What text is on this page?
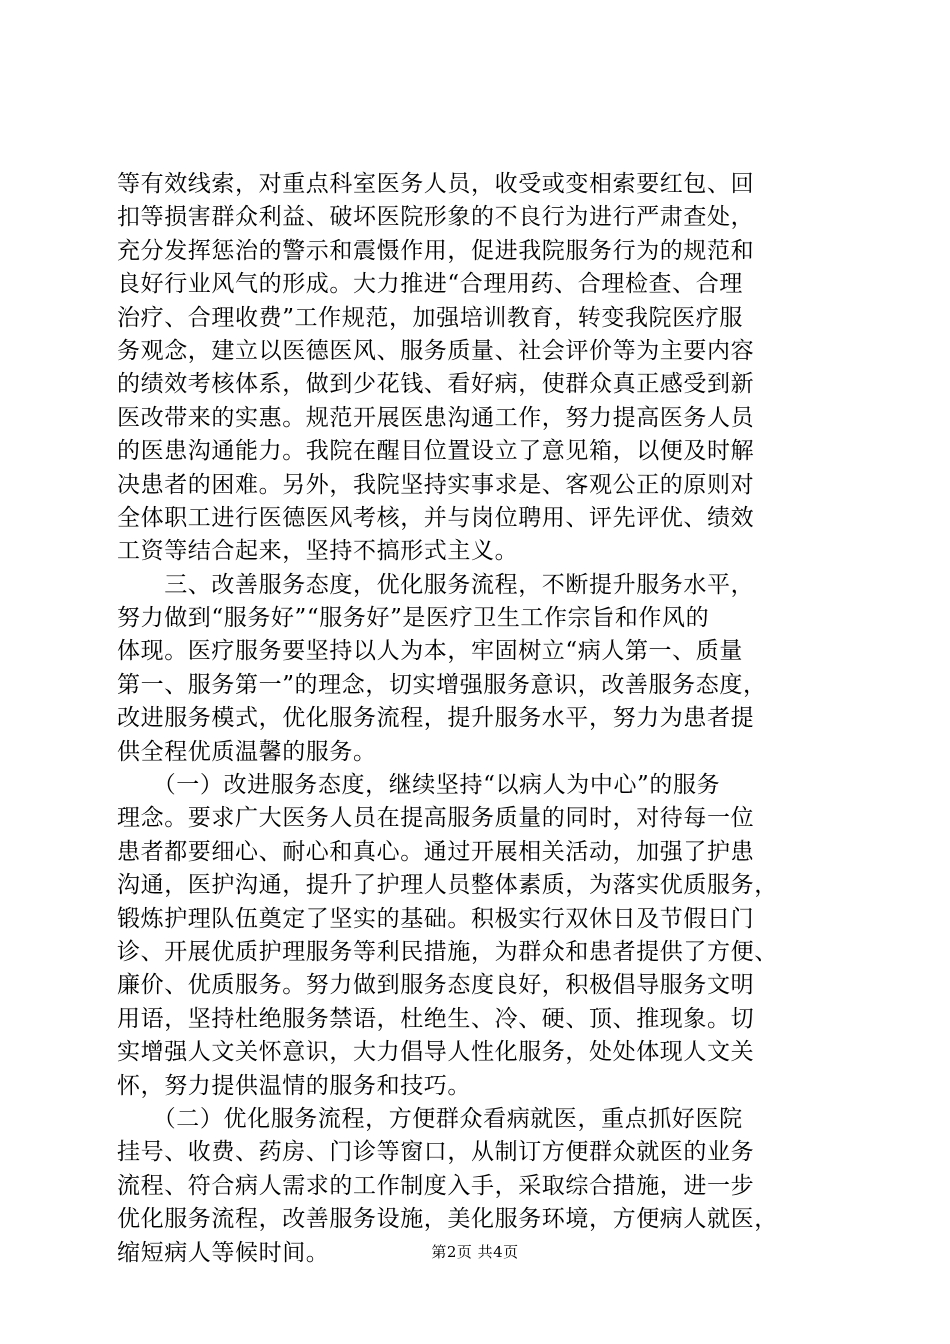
等有效线索，对重点科室医务人员，收受或变相索要红包、回
扣等损害群众利益、破坏医院形象的不良行为进行严肃查处，
充分发挥惩治的警示和震慑作用，促进我院服务行为的规范和
良好行业风气的形成。大力推进“合理用药、合理检查、合理
治疗、合理收费”工作规范，加强培训教育，转变我院医疗服
务观念，建立以医德医风、服务质量、社会评价等为主要内容
的绩效考核体系，做到少花钱、看好病，使群众真正感受到新
医改带来的实惠。规范开展医患沟通工作，努力提高医务人员
的医患沟通能力。我院在醒目位置设立了意见箱，以便及时解
决患者的困难。另外，我院坚持实事求是、客观公正的原则对
全体职工进行医德医风考核，并与岗位聘用、评先评优、绩效
工资等结合起来，坚持不搞形式主义。
　　三、改善服务态度，优化服务流程，不断提升服务水平，
努力做到“服务好”“服务好”是医疗卫生工作宗旨和作风的
体现。医疗服务要坚持以人为本，牢固树立“病人第一、质量
第一、服务第一”的理念，切实增强服务意识，改善服务态度，
改进服务模式，优化服务流程，提升服务水平，努力为患者提
供全程优质温馨的服务。
　　（一）改进服务态度，继续坚持“以病人为中心”的服务
理念。要求广大医务人员在提高服务质量的同时，对待每一位
患者都要细心、耐心和真心。通过开展相关活动，加强了护患
沟通，医护沟通，提升了护理人员整体素质，为落实优质服务，
锻炼护理队伍奠定了坚实的基础。积极实行双休日及节假日门
诊、开展优质护理服务等利民措施，为群众和患者提供了方便、
廉价、优质服务。努力做到服务态度良好，积极倡导服务文明
用语，坚持杜绝服务禁语，杜绝生、冷、硬、顶、推现象。切
实增强人文关怀意识，大力倡导人性化服务，处处体现人文关
怀，努力提供温情的服务和技巧。
　　（二）优化服务流程，方便群众看病就医，重点抓好医院
挂号、收费、药房、门诊等窗口，从制订方便群众就医的业务
流程、符合病人需求的工作制度入手，采取综合措施，进一步
优化服务流程，改善服务设施，美化服务环境，方便病人就医，
缩短病人等候时间。	第2页 共4页
